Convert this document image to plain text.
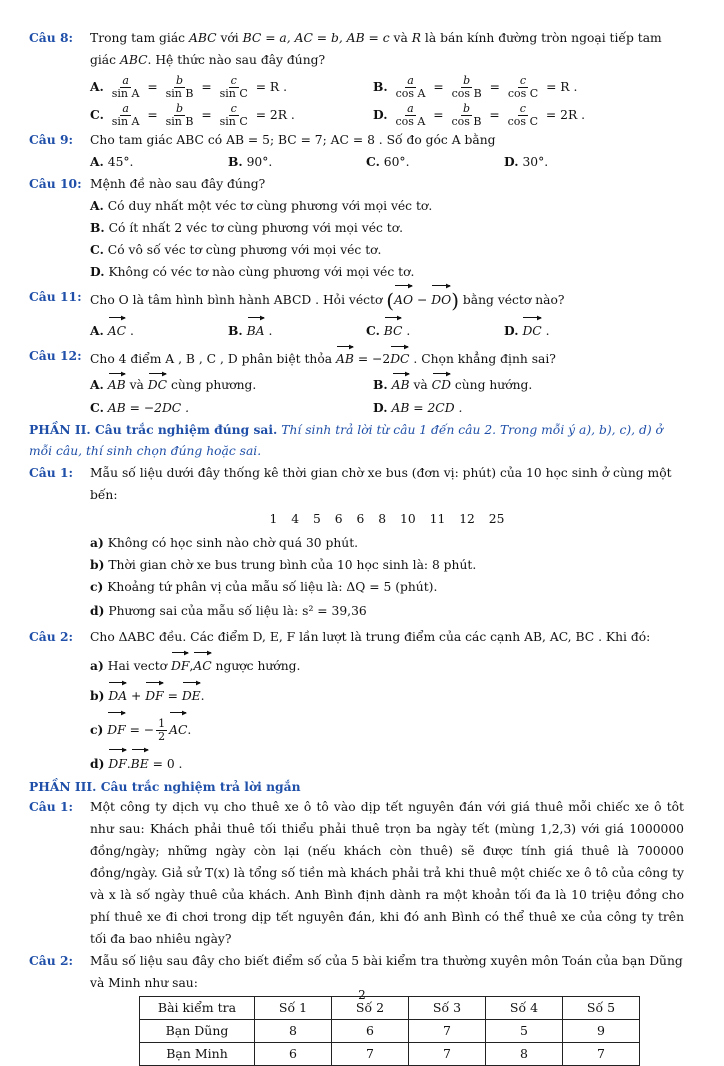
Câu 8: Trong tam giác ABC với BC = a, AC = b, AB = c và R là bán kính đường tròn ngoại tiếp tam giác ABC. Hệ thức nào sau đây đúng?
A. $\frac{a}{\text{sin A}} = \frac{b}{\text{sin B}} = \frac{c}{\text{sin C}} = R$ .	B. $\frac{a}{\text{cos A}} = \frac{b}{\text{cos B}} = \frac{c}{\text{cos C}} = R$ .
C. $\frac{a}{\text{sin A}} = \frac{b}{\text{sin B}} = \frac{c}{\text{sin C}} = 2R$ .	D. $\frac{a}{\text{cos A}} = \frac{b}{\text{cos B}} = \frac{c}{\text{cos C}} = 2R$ .
Câu 9: Cho tam giác ABC có AB = 5; BC = 7; AC = 8 . Số đo góc A bằng
A. 45°.	B. 90°.	C. 60°.	D. 30°.
Câu 10: Mệnh đề nào sau đây đúng?
A. Có duy nhất một véc tơ cùng phương với mọi véc tơ.
B. Có ít nhất 2 véc tơ cùng phương với mọi véc tơ.
C. Có vô số véc tơ cùng phương với mọi véc tơ.
D. Không có véc tơ nào cùng phương với mọi véc tơ.
Câu 11: Cho O là tâm hình bình hành ABCD . Hỏi véctơ (AO − DO) bằng véctơ nào?
A. AC .	B. BA .	C. BC .	D. DC .
Câu 12: Cho 4 điểm A , B , C , D phân biệt thỏa AB = −2DC . Chọn khẳng định sai?
A. AB và DC cùng phương.	B. AB và CD cùng hướng.
C. AB = −2DC .	D. AB = 2CD .
PHẦN II. Câu trắc nghiệm đúng sai. Thí sinh trả lời từ câu 1 đến câu 2. Trong mỗi ý a), b), c), d) ở mỗi câu, thí sinh chọn đúng hoặc sai.
Câu 1: Mẫu số liệu dưới đây thống kê thời gian chờ xe bus (đơn vị: phút) của 10 học sinh ở cùng một bến:
1 4 5 6 6 8 10 11 12 25
a) Không có học sinh nào chờ quá 30 phút.
b) Thời gian chờ xe bus trung bình của 10 học sinh là: 8 phút.
c) Khoảng tứ phân vị của mẫu số liệu là: ΔQ = 5 (phút).
d) Phương sai của mẫu số liệu là: s² = 39,36
Câu 2: Cho ΔABC đều. Các điểm D, E, F lần lượt là trung điểm của các cạnh AB, AC, BC . Khi đó:
a) Hai vectơ DF,AC ngược hướng.
b) DA + DF = DE.
c) DF = − $\frac{1}{2}$ AC.
d) DF.BE = 0 .
PHẦN III. Câu trắc nghiệm trả lời ngắn
Câu 1: Một công ty dịch vụ cho thuê xe ô tô vào dịp tết nguyên đán với giá thuê mỗi chiếc xe ô tôt như sau: Khách phải thuê tối thiểu phải thuê trọn ba ngày tết (mùng 1,2,3) với giá 1000000 đồng/ngày; những ngày còn lại (nếu khách còn thuê) sẽ được tính giá thuê là 700000 đồng/ngày. Giả sử T(x) là tổng số tiền mà khách phải trả khi thuê một chiếc xe ô tô của công ty và x là số ngày thuê của khách. Anh Bình định dành ra một khoản tối đa là 10 triệu đồng cho phí thuê xe đi chơi trong dịp tết nguyên đán, khi đó anh Bình có thể thuê xe của công ty trên tối đa bao nhiêu ngày?
Câu 2: Mẫu số liệu sau đây cho biết điểm số của 5 bài kiểm tra thường xuyên môn Toán của bạn Dũng và Minh như sau:
Bài kiểm tra	Số 1	Số 2	Số 3	Số 4	Số 5
Bạn Dũng	8	6	7	5	9
Bạn Minh	6	7	7	8	7
2
